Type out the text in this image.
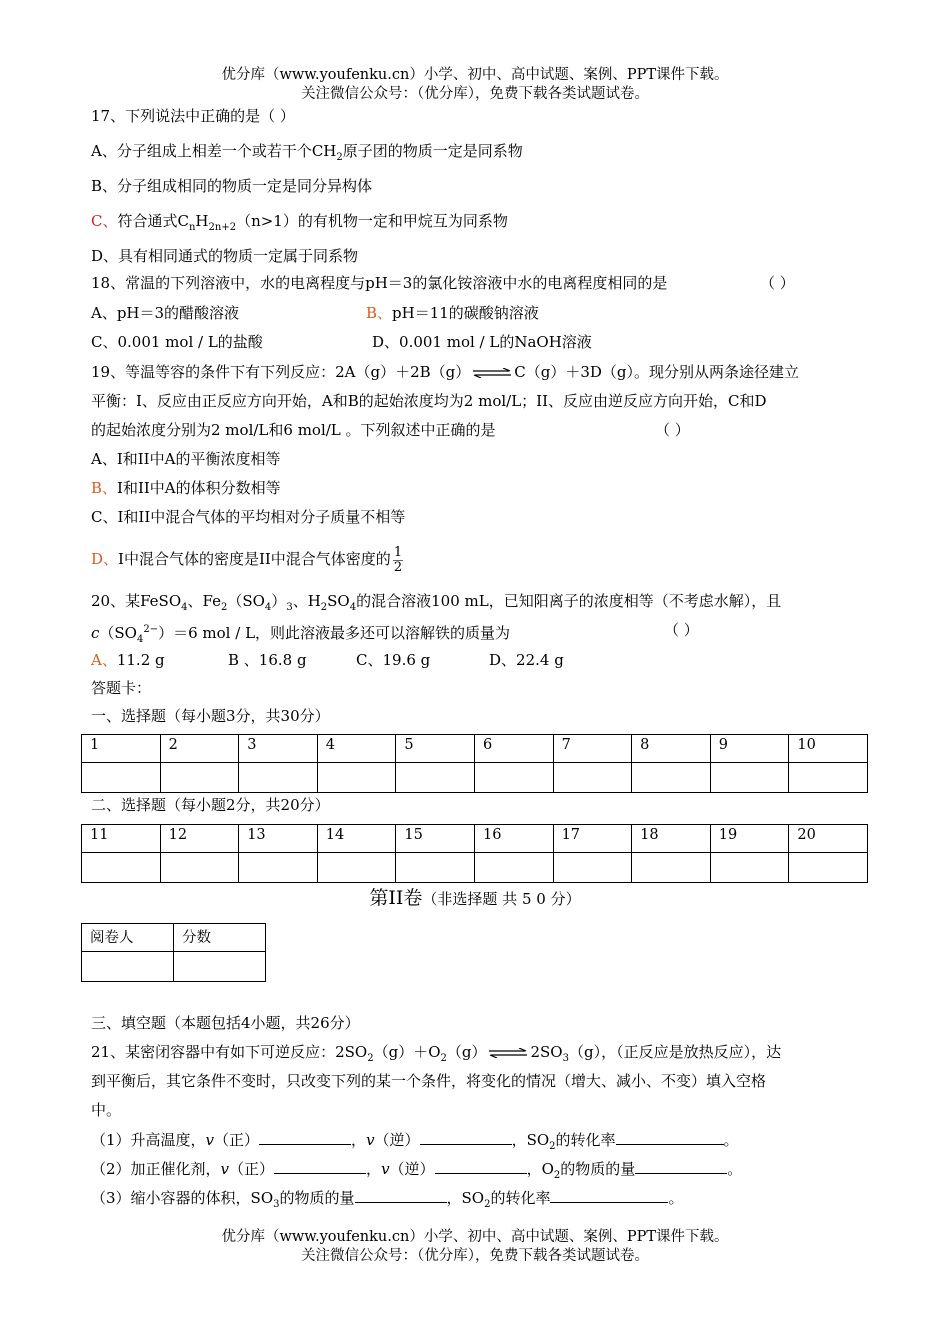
优分库（www.youfenku.cn）小学、初中、高中试题、案例、PPT课件下载。
关注微信公众号：（优分库），免费下载各类试题试卷。
17、下列说法中正确的是（ ）
A、分子组成上相差一个或若干个$CH_2$原子团的物质一定是同系物
B、分子组成相同的物质一定是同分异构体
C、符合通式$C_nH_{2n+2}(n>1)$的有机物一定和甲烷互为同系物
D、具有相同通式的物质一定属于同系物
18、常温的下列溶液中，水的电离程度与pH＝3的氯化铵溶液中水的电离程度相同的是	（ ）
A、pH＝3的醋酸溶液	B、pH＝11的碳酸钠溶液
C、0.001 mol / L的盐酸	D、0.001 mol / L的NaOH溶液
19、等温等容的条件下有下列反应：2A（g）＋2B（g） ⇌ C（g）＋3D（g）。现分别从两条途径建立
平衡：I、反应由正反应方向开始，A和B的起始浓度均为2 mol/L；II、反应由逆反应方向开始，C和D
的起始浓度分别为2 mol/L和6 mol/L 。下列叙述中正确的是	（ ）
A、I和II中A的平衡浓度相等
B、I和II中A的体积分数相等
C、I和II中混合气体的平均相对分子质量不相等
D、I中混合气体的密度是II中混合气体密度的 $\frac{1}{2}$
20、某FeSO$_4$、$Fe_2(SO_4)_3$、$H_2SO_4$的混合溶液100 mL，已知阳离子的浓度相等（不考虑水解），且
$c(SO_4^{2-})=6$ mol / L，则此溶液最多还可以溶解铁的质量为	（ ）
A、11.2 g	B 、16.8 g	C、19.6 g	D、22.4 g
答题卡：
一、选择题（每小题3分，共30分）
1	2	3	4	5	6	7	8	9	10

二、选择题（每小题2分，共20分）
11	12	13	14	15	16	17	18	19	20

第II卷（非选择题 共 5 0 分）
阅卷人	分数

三、填空题（本题包括4小题，共26分）
21、某密闭容器中有如下可逆反应：$2SO_2(g)+O_2(g)$ ⇌ $2SO_3(g)$，（正反应是放热反应），达
到平衡后，其它条件不变时，只改变下列的某一个条件，将变化的情况（增大、减小、不变）填入空格
中。
（1）升高温度，v（正）	，v（逆）	，$SO_2$的转化率	。
（2）加正催化剂，v（正）	，v（逆）	，$O_2$的物质的量	。
（3）缩小容器的体积，$SO_3$的物质的量	，$SO_2$的转化率	。
优分库（www.youfenku.cn）小学、初中、高中试题、案例、PPT课件下载。
关注微信公众号：（优分库），免费下载各类试题试卷。
